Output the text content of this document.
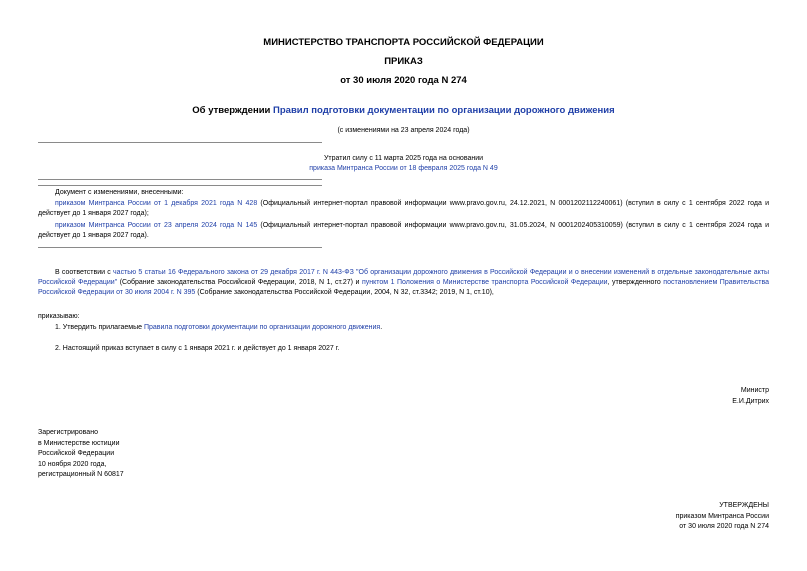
МИНИСТЕРСТВО ТРАНСПОРТА РОССИЙСКОЙ ФЕДЕРАЦИИ
ПРИКАЗ
от 30 июля 2020 года N 274
Об утверждении Правил подготовки документации по организации дорожного движения
(с изменениями на 23 апреля 2024 года)
Утратил силу с 11 марта 2025 года на основании
приказа Минтранса России от 18 февраля 2025 года N 49
Документ с изменениями, внесенными:
приказом Минтранса России от 1 декабря 2021 года N 428 (Официальный интернет-портал правовой информации www.pravo.gov.ru, 24.12.2021, N 0001202112240061) (вступил в силу с 1 сентября 2022 года и действует до 1 января 2027 года);
приказом Минтранса России от 23 апреля 2024 года N 145 (Официальный интернет-портал правовой информации www.pravo.gov.ru, 31.05.2024, N 0001202405310059) (вступил в силу с 1 сентября 2024 года и действует до 1 января 2027 года).
В соответствии с частью 5 статьи 16 Федерального закона от 29 декабря 2017 г. N 443-ФЗ "Об организации дорожного движения в Российской Федерации и о внесении изменений в отдельные законодательные акты Российской Федерации" (Собрание законодательства Российской Федерации, 2018, N 1, ст.27) и пунктом 1 Положения о Министерстве транспорта Российской Федерации, утвержденного постановлением Правительства Российской Федерации от 30 июля 2004 г. N 395 (Собрание законодательства Российской Федерации, 2004, N 32, ст.3342; 2019, N 1, ст.10),
приказываю:
1. Утвердить прилагаемые Правила подготовки документации по организации дорожного движения.
2. Настоящий приказ вступает в силу с 1 января 2021 г. и действует до 1 января 2027 г.
Министр
Е.И.Дитрих
Зарегистрировано
в Министерстве юстиции
Российской Федерации
10 ноября 2020 года,
регистрационный N 60817
УТВЕРЖДЕНЫ
приказом Минтранса России
от 30 июля 2020 года N 274
